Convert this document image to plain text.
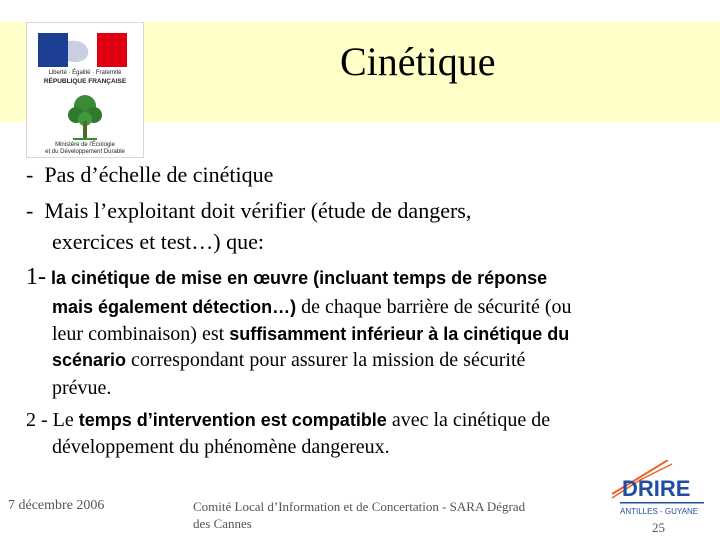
Cinétique
Liberté · Égalité · Fraternité
RÉPUBLIQUE FRANÇAISE
Ministère de l'Écologie
et du Développement Durable
- Pas d’échelle de cinétique
- Mais l’exploitant doit vérifier (étude de dangers,
exercices et test…) que:
1- la cinétique de mise en œuvre (incluant temps de réponse
mais également détection…) de chaque barrière de sécurité (ou
leur combinaison) est suffisamment inférieur à la cinétique du
scénario correspondant pour assurer la mission de sécurité
prévue.
2 - Le temps d’intervention est compatible avec la cinétique de
développement du phénomène dangereux.
7 décembre 2006	Comité Local d’Information et de Concertation - SARA Dégrad
des Cannes
DRIRE
ANTILLES - GUYANE
25
